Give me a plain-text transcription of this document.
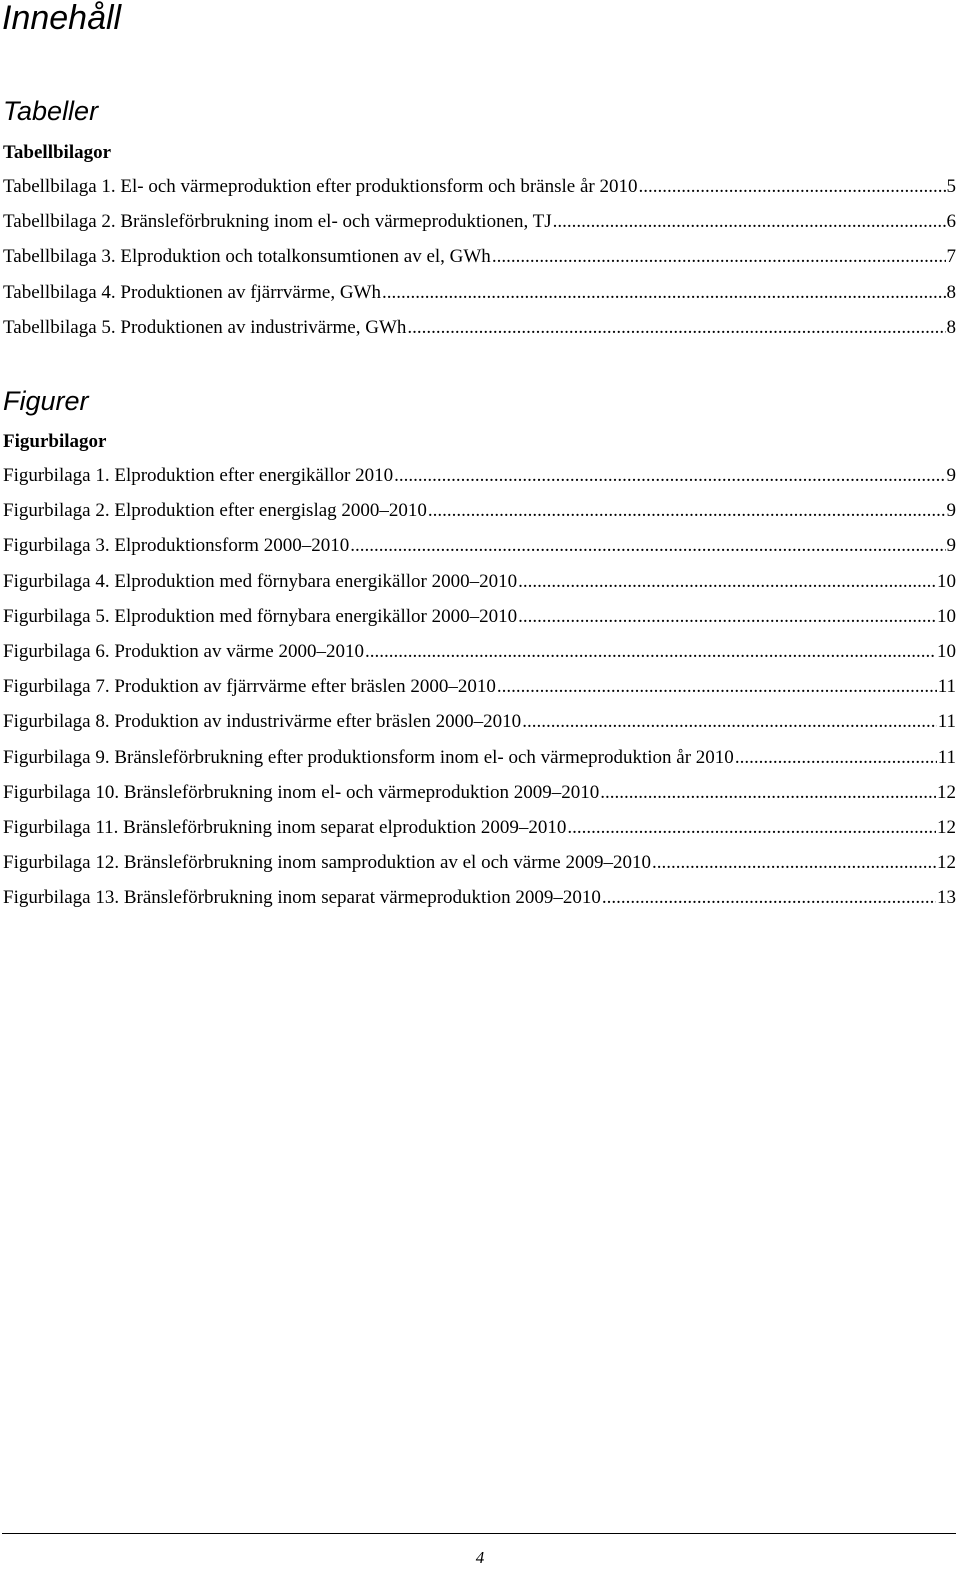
Innehåll
Tabeller
Tabellbilagor
Tabellbilaga 1. El- och värmeproduktion efter produktionsform och bränsle år 2010 .....	5
Tabellbilaga 2. Bränsleförbrukning inom el- och värmeproduktionen, TJ .....	6
Tabellbilaga 3. Elproduktion och totalkonsumtionen av el, GWh .....	7
Tabellbilaga 4. Produktionen av fjärrvärme, GWh .....	8
Tabellbilaga 5. Produktionen av industrivärme, GWh .....	8
Figurer
Figurbilagor
Figurbilaga 1. Elproduktion efter energikällor 2010 .....	9
Figurbilaga 2. Elproduktion efter energislag 2000–2010 .....	9
Figurbilaga 3. Elproduktionsform 2000–2010 .....	9
Figurbilaga 4. Elproduktion med förnybara energikällor 2000–2010 .....	10
Figurbilaga 5. Elproduktion med förnybara energikällor 2000–2010 .....	10
Figurbilaga 6. Produktion av värme 2000–2010 .....	10
Figurbilaga 7. Produktion av fjärrvärme efter bräslen 2000–2010 .....	11
Figurbilaga 8. Produktion av industrivärme efter bräslen 2000–2010 .....	11
Figurbilaga 9. Bränsleförbrukning efter produktionsform inom el- och värmeproduktion år 2010 .....	11
Figurbilaga 10. Bränsleförbrukning inom el- och värmeproduktion 2009–2010 .....	12
Figurbilaga 11. Bränsleförbrukning inom separat elproduktion 2009–2010 .....	12
Figurbilaga 12. Bränsleförbrukning inom samproduktion av el och värme 2009–2010 .....	12
Figurbilaga 13. Bränsleförbrukning inom separat värmeproduktion 2009–2010 .....	13
4
